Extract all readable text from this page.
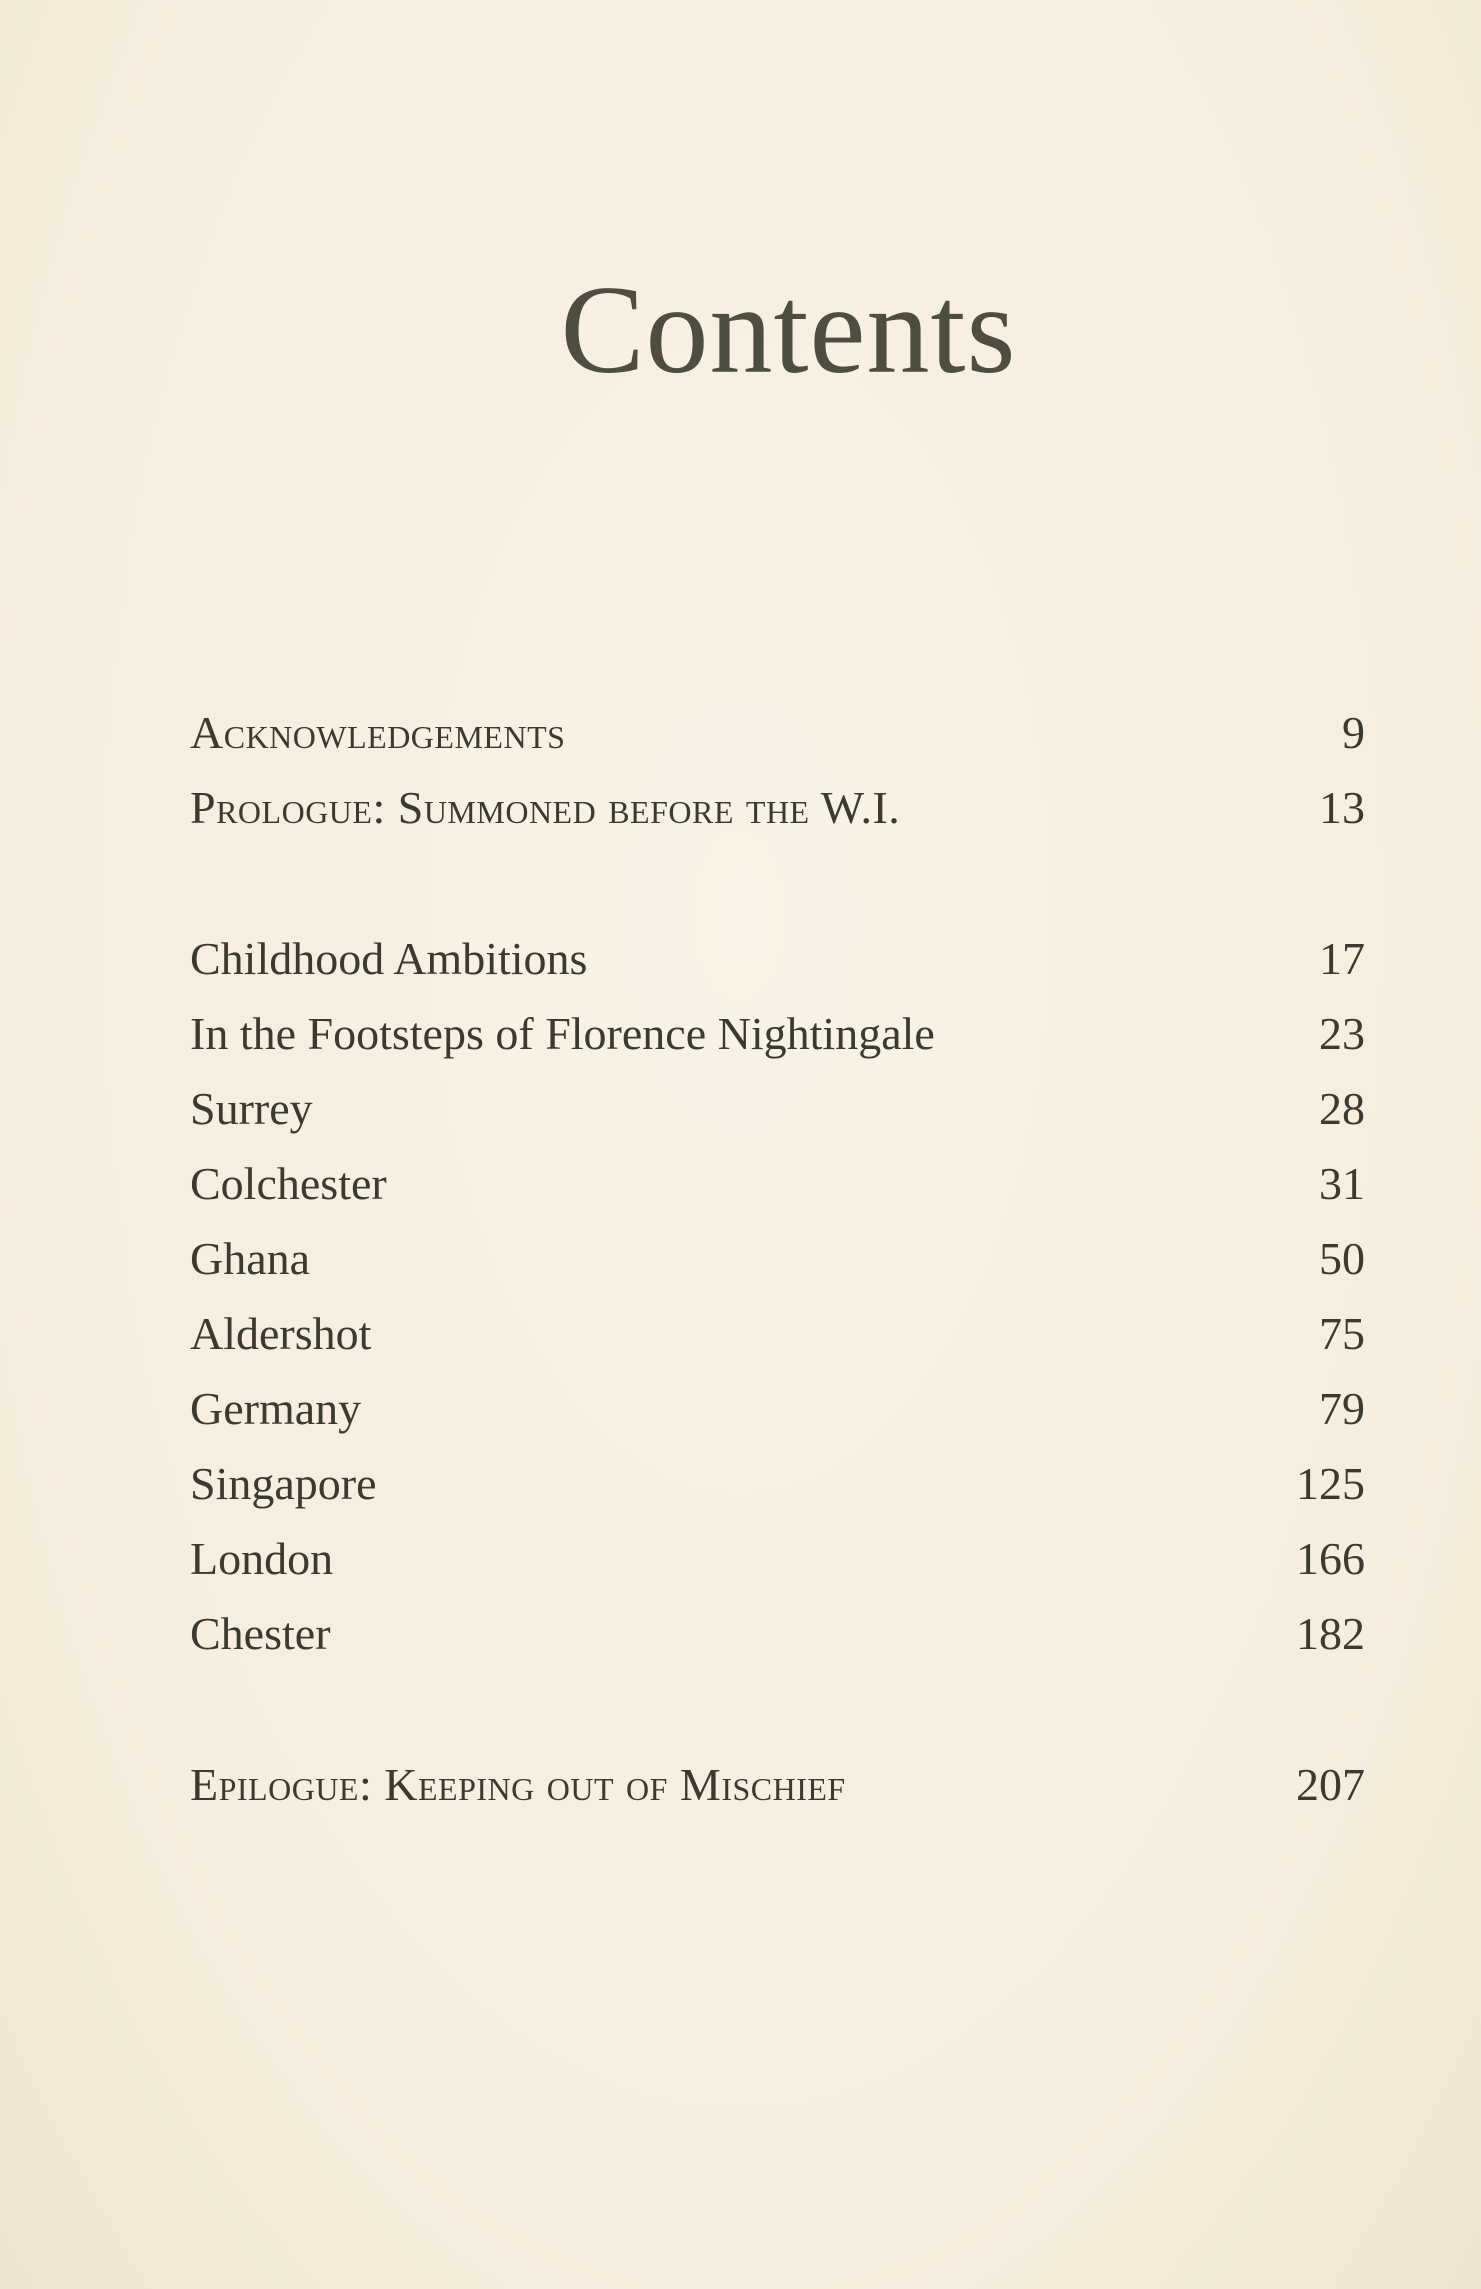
Contents
Acknowledgements	9
Prologue: Summoned before the W.I.	13
Childhood Ambitions	17
In the Footsteps of Florence Nightingale	23
Surrey	28
Colchester	31
Ghana	50
Aldershot	75
Germany	79
Singapore	125
London	166
Chester	182
Epilogue: Keeping out of Mischief	207
